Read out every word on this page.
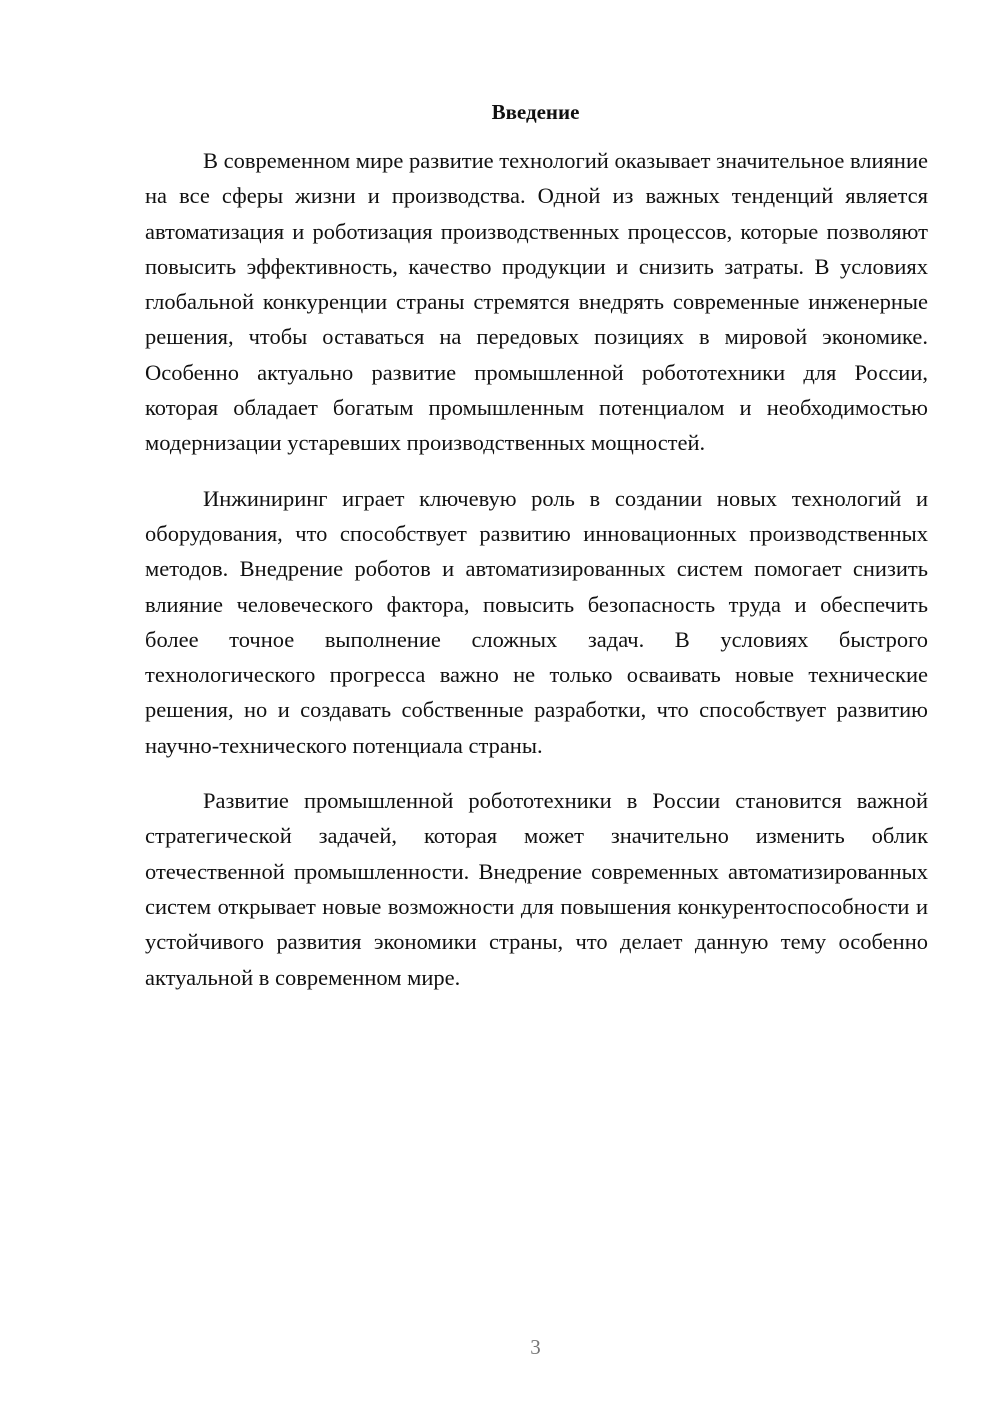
Введение

В современном мире развитие технологий оказывает значительное влияние на все сферы жизни и производства. Одной из важных тенденций является автоматизация и роботизация производственных процессов, которые позволяют повысить эффективность, качество продукции и снизить затраты. В условиях глобальной конкуренции страны стремятся внедрять современные инженерные решения, чтобы оставаться на передовых позициях в мировой экономике. Особенно актуально развитие промышленной робототехники для России, которая обладает богатым промышленным потенциалом и необходимостью модернизации устаревших производственных мощностей.

Инжиниринг играет ключевую роль в создании новых технологий и оборудования, что способствует развитию инновационных производственных методов. Внедрение роботов и автоматизированных систем помогает снизить влияние человеческого фактора, повысить безопасность труда и обеспечить более точное выполнение сложных задач. В условиях быстрого технологического прогресса важно не только осваивать новые технические решения, но и создавать собственные разработки, что способствует развитию научно-технического потенциала страны.

Развитие промышленной робототехники в России становится важной стратегической задачей, которая может значительно изменить облик отечественной промышленности. Внедрение современных автоматизированных систем открывает новые возможности для повышения конкурентоспособности и устойчивого развития экономики страны, что делает данную тему особенно актуальной в современном мире.

3
